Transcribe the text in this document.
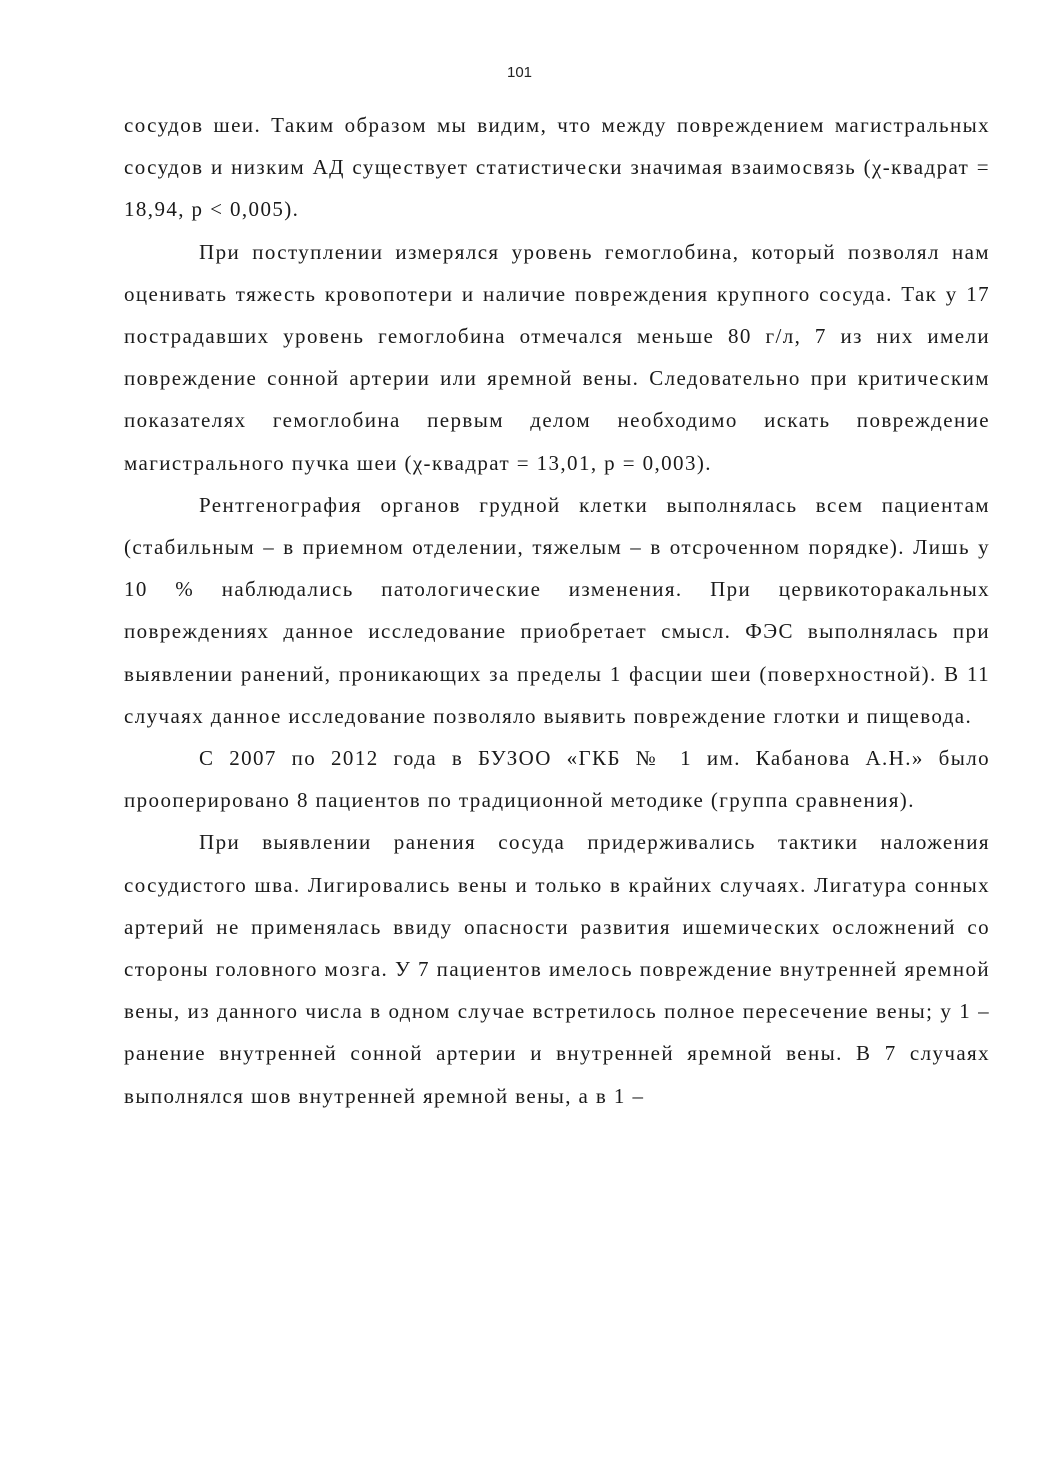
101

сосудов шеи. Таким образом мы видим, что между повреждением магистральных сосудов и низким АД существует статистически значимая взаимосвязь (χ-квадрат = 18,94, p < 0,005).

При поступлении измерялся уровень гемоглобина, который позволял нам оценивать тяжесть кровопотери и наличие повреждения крупного сосуда. Так у 17 пострадавших уровень гемоглобина отмечался меньше 80 г/л, 7 из них имели повреждение сонной артерии или яремной вены. Следовательно при критическим показателях гемоглобина первым делом необходимо искать повреждение магистрального пучка шеи (χ-квадрат = 13,01, p = 0,003).

Рентгенография органов грудной клетки выполнялась всем пациентам (стабильным – в приемном отделении, тяжелым – в отсроченном порядке). Лишь у 10 % наблюдались патологические изменения. При цервикоторакальных повреждениях данное исследование приобретает смысл. ФЭС выполнялась при выявлении ранений, проникающих за пределы 1 фасции шеи (поверхностной). В 11 случаях данное исследование позволяло выявить повреждение глотки и пищевода.

С 2007 по 2012 года в БУЗОО «ГКБ № 1 им. Кабанова А.Н.» было прооперировано 8 пациентов по традиционной методике (группа сравнения).

При выявлении ранения сосуда придерживались тактики наложения сосудистого шва. Лигировались вены и только в крайних случаях. Лигатура сонных артерий не применялась ввиду опасности развития ишемических осложнений со стороны головного мозга. У 7 пациентов имелось повреждение внутренней яремной вены, из данного числа в одном случае встретилось полное пересечение вены; у 1 – ранение внутренней сонной артерии и внутренней яремной вены. В 7 случаях выполнялся шов внутренней яремной вены, а в 1 –
